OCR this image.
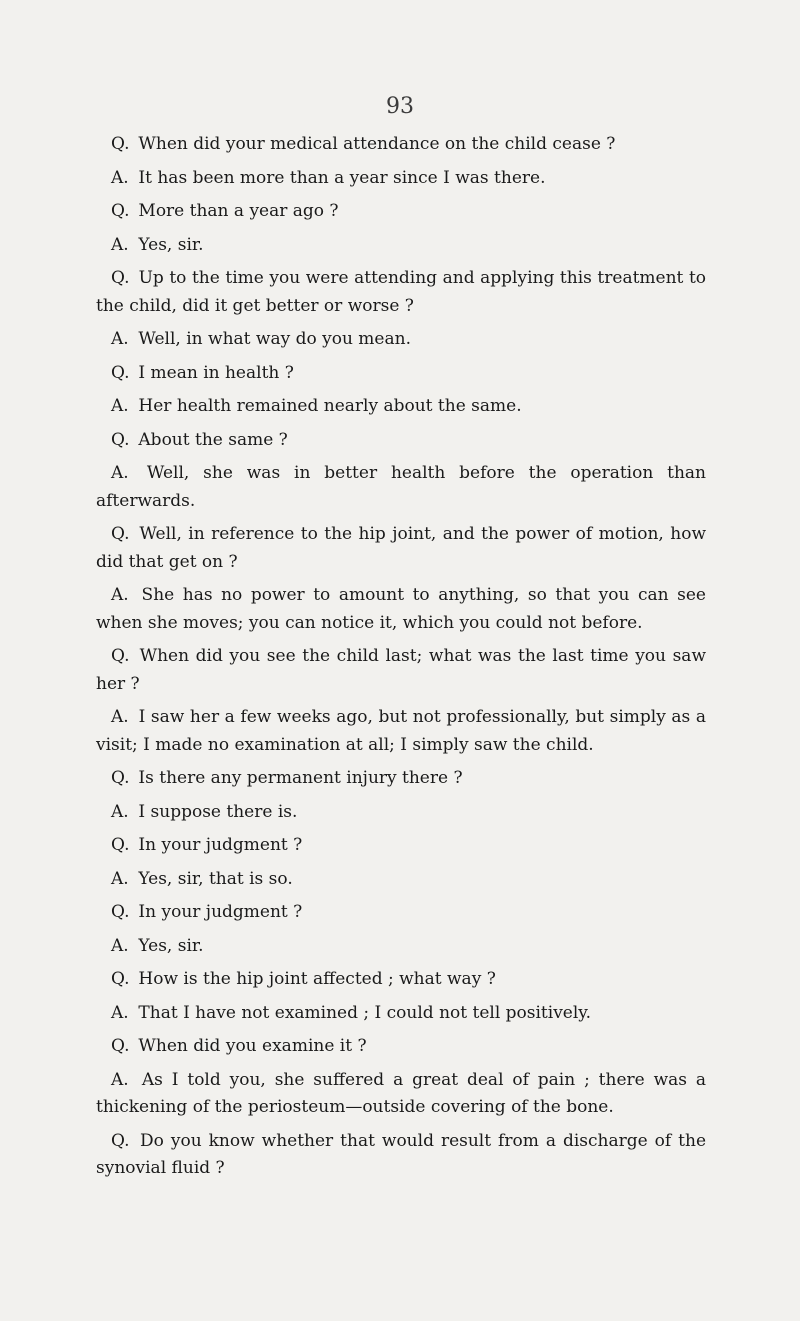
93

Q. When did your medical attendance on the child cease ?

A. It has been more than a year since I was there.

Q. More than a year ago ?

A. Yes, sir.

Q. Up to the time you were attending and applying this treatment to the child, did it get better or worse ?

A. Well, in what way do you mean.

Q. I mean in health ?

A. Her health remained nearly about the same.

Q. About the same ?

A. Well, she was in better health before the operation than afterwards.

Q. Well, in reference to the hip joint, and the power of motion, how did that get on ?

A. She has no power to amount to anything, so that you can see when she moves; you can notice it, which you could not before.

Q. When did you see the child last; what was the last time you saw her ?

A. I saw her a few weeks ago, but not professionally, but simply as a visit; I made no examination at all; I simply saw the child.

Q. Is there any permanent injury there ?

A. I suppose there is.

Q. In your judgment ?

A. Yes, sir, that is so.

Q. In your judgment ?

A. Yes, sir.

Q. How is the hip joint affected ; what way ?

A. That I have not examined ; I could not tell positively.

Q. When did you examine it ?

A. As I told you, she suffered a great deal of pain ; there was a thickening of the periosteum—outside covering of the bone.

Q. Do you know whether that would result from a discharge of the synovial fluid ?
